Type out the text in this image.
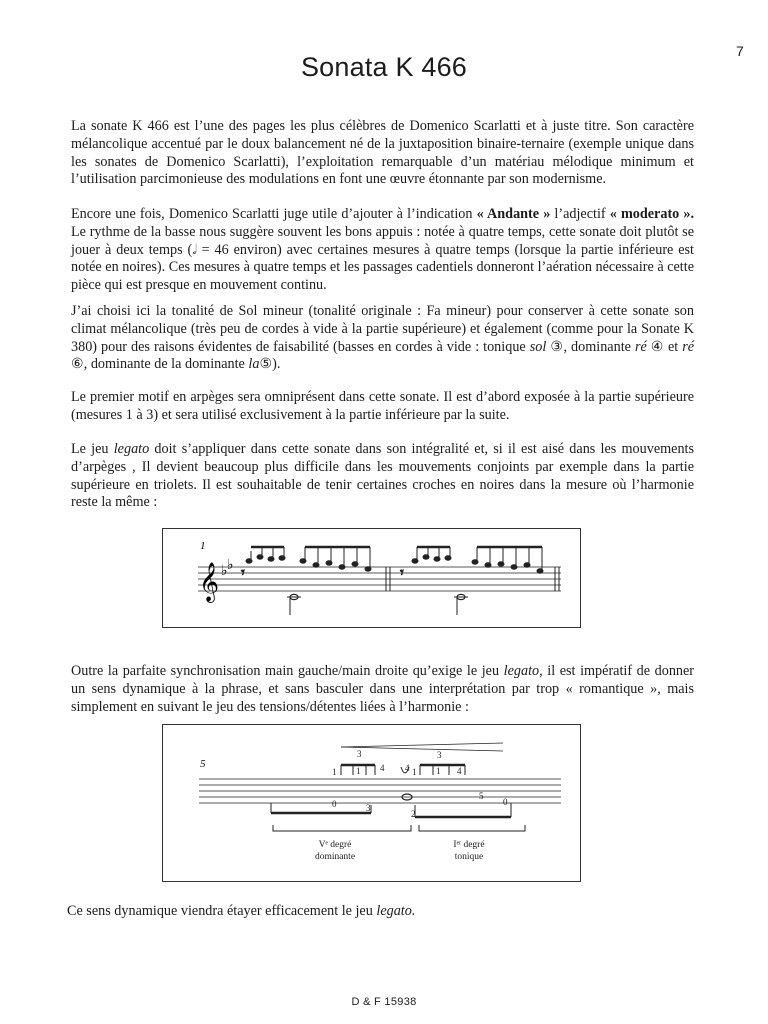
7
Sonata K 466

La sonate K 466 est l’une des pages les plus célèbres de Domenico Scarlatti et à juste titre. Son caractère mélancolique accentué par le doux balancement né de la juxtaposition binaire-ternaire (exemple unique dans les sonates de Domenico Scarlatti), l’exploitation remarquable d’un matériau mélodique minimum et l’utilisation parcimonieuse des modulations en font une œuvre étonnante par son modernisme.

Encore une fois, Domenico Scarlatti juge utile d’ajouter à l’indication « Andante » l’adjectif « moderato ». Le rythme de la basse nous suggère souvent les bons appuis : notée à quatre temps, cette sonate doit plutôt se jouer à deux temps (𝅗𝅥 = 46 environ) avec certaines mesures à quatre temps (lorsque la partie inférieure est notée en noires). Ces mesures à quatre temps et les passages cadentiels donneront l’aération nécessaire à cette pièce qui est presque en mouvement continu.

J’ai choisi ici la tonalité de Sol mineur (tonalité originale : Fa mineur) pour conserver à cette sonate son climat mélancolique (très peu de cordes à vide à la partie supérieure) et également (comme pour la Sonate K 380) pour des raisons évidentes de faisabilité (basses en cordes à vide : tonique sol ③, dominante ré ④ et ré ⑥, dominante de la dominante la⑤).

Le premier motif en arpèges sera omniprésent dans cette sonate. Il est d’abord exposée à la partie supérieure (mesures 1 à 3) et sera utilisé exclusivement à la partie inférieure par la suite.

Le jeu legato doit s’appliquer dans cette sonate dans son intégralité et, si il est aisé dans les mouvements d’arpèges , Il devient beaucoup plus difficile dans les mouvements conjoints par exemple dans la partie supérieure en triolets. Il est souhaitable de tenir certaines croches en noires dans la mesure où l’harmonie reste la même :

1
𝄞 ♭ ♭
𝄾	𝄾

Outre la parfaite synchronisation main gauche/main droite qu’exige le jeu legato, il est impératif de donner un sens dynamique à la phrase, et sans basculer dans une interprétation par trop « romantique », mais simplement en suivant le jeu des tensions/détentes liées à l’harmonie :

5
3
1 1 4 4
3
1 1 4
0	3
2
5
0
Vᵉ degré
dominante
Iᵉʳ degré
tonique

Ce sens dynamique viendra étayer efficacement le jeu legato.

D & F 15938
